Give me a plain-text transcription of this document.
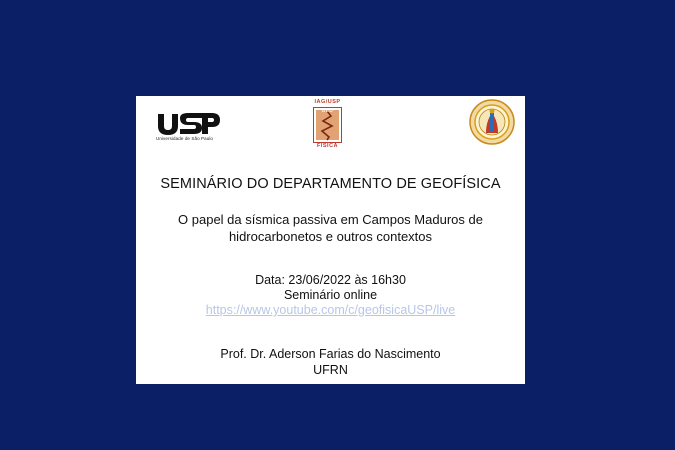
Universidade de São Paulo
IAG/USP
GEO
FÍSICA
SEMINÁRIO DO DEPARTAMENTO DE GEOFÍSICA
O papel da sísmica passiva em Campos Maduros de
hidrocarbonetos e outros contextos
Data: 23/06/2022 às 16h30
Seminário online
https://www.youtube.com/c/geofisicaUSP/live
Prof. Dr. Aderson Farias do Nascimento
UFRN
